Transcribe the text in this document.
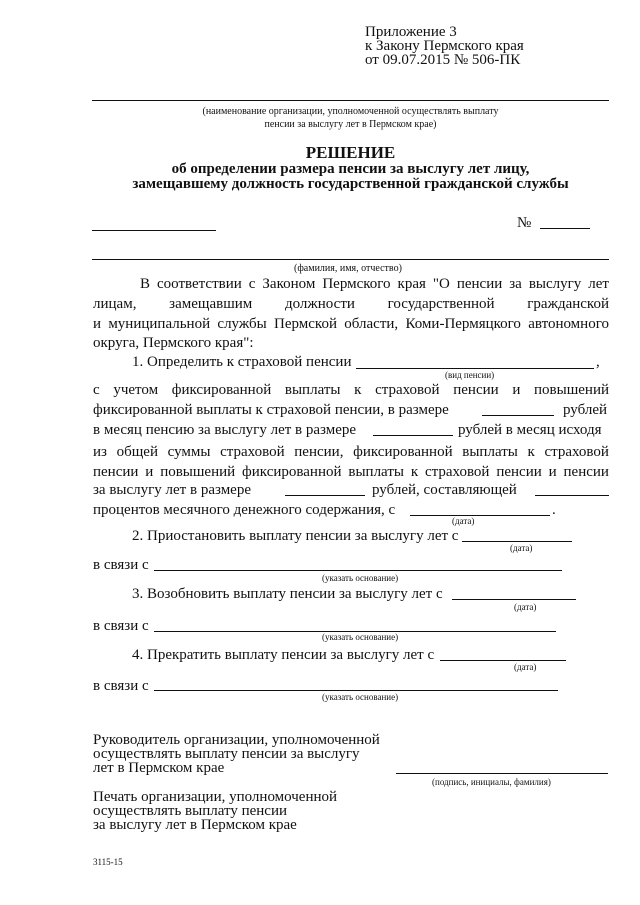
Приложение 3
к Закону Пермского края
от 09.07.2015 № 506-ПК
(наименование организации, уполномоченной осуществлять выплату
пенсии за выслугу лет в Пермском крае)
РЕШЕНИЕ
об определении размера пенсии за выслугу лет лицу,
замещавшему должность государственной гражданской службы
№
(фамилия, имя, отчество)
В соответствии с Законом Пермского края "О пенсии за выслугу лет
лицам, замещавшим должности государственной гражданской
и муниципальной службы Пермской области, Коми-Пермяцкого автономного
округа, Пермского края":
1. Определить к страховой пенсии	,
(вид пенсии)
с учетом фиксированной выплаты к страховой пенсии и повышений
фиксированной выплаты к страховой пенсии, в размере	рублей
в месяц пенсию за выслугу лет в размере	рублей в месяц исходя
из общей суммы страховой пенсии, фиксированной выплаты к страховой
пенсии и повышений фиксированной выплаты к страховой пенсии и пенсии
за выслугу лет в размере	рублей, составляющей
процентов месячного денежного содержания, с	.
(дата)
2. Приостановить выплату пенсии за выслугу лет с
(дата)
в связи с
(указать основание)
3. Возобновить выплату пенсии за выслугу лет с
(дата)
в связи с
(указать основание)
4. Прекратить выплату пенсии за выслугу лет с
(дата)
в связи с
(указать основание)
Руководитель организации, уполномоченной
осуществлять выплату пенсии за выслугу
лет в Пермском крае
(подпись, инициалы, фамилия)
Печать организации, уполномоченной
осуществлять выплату пенсии
за выслугу лет в Пермском крае
3115-15
